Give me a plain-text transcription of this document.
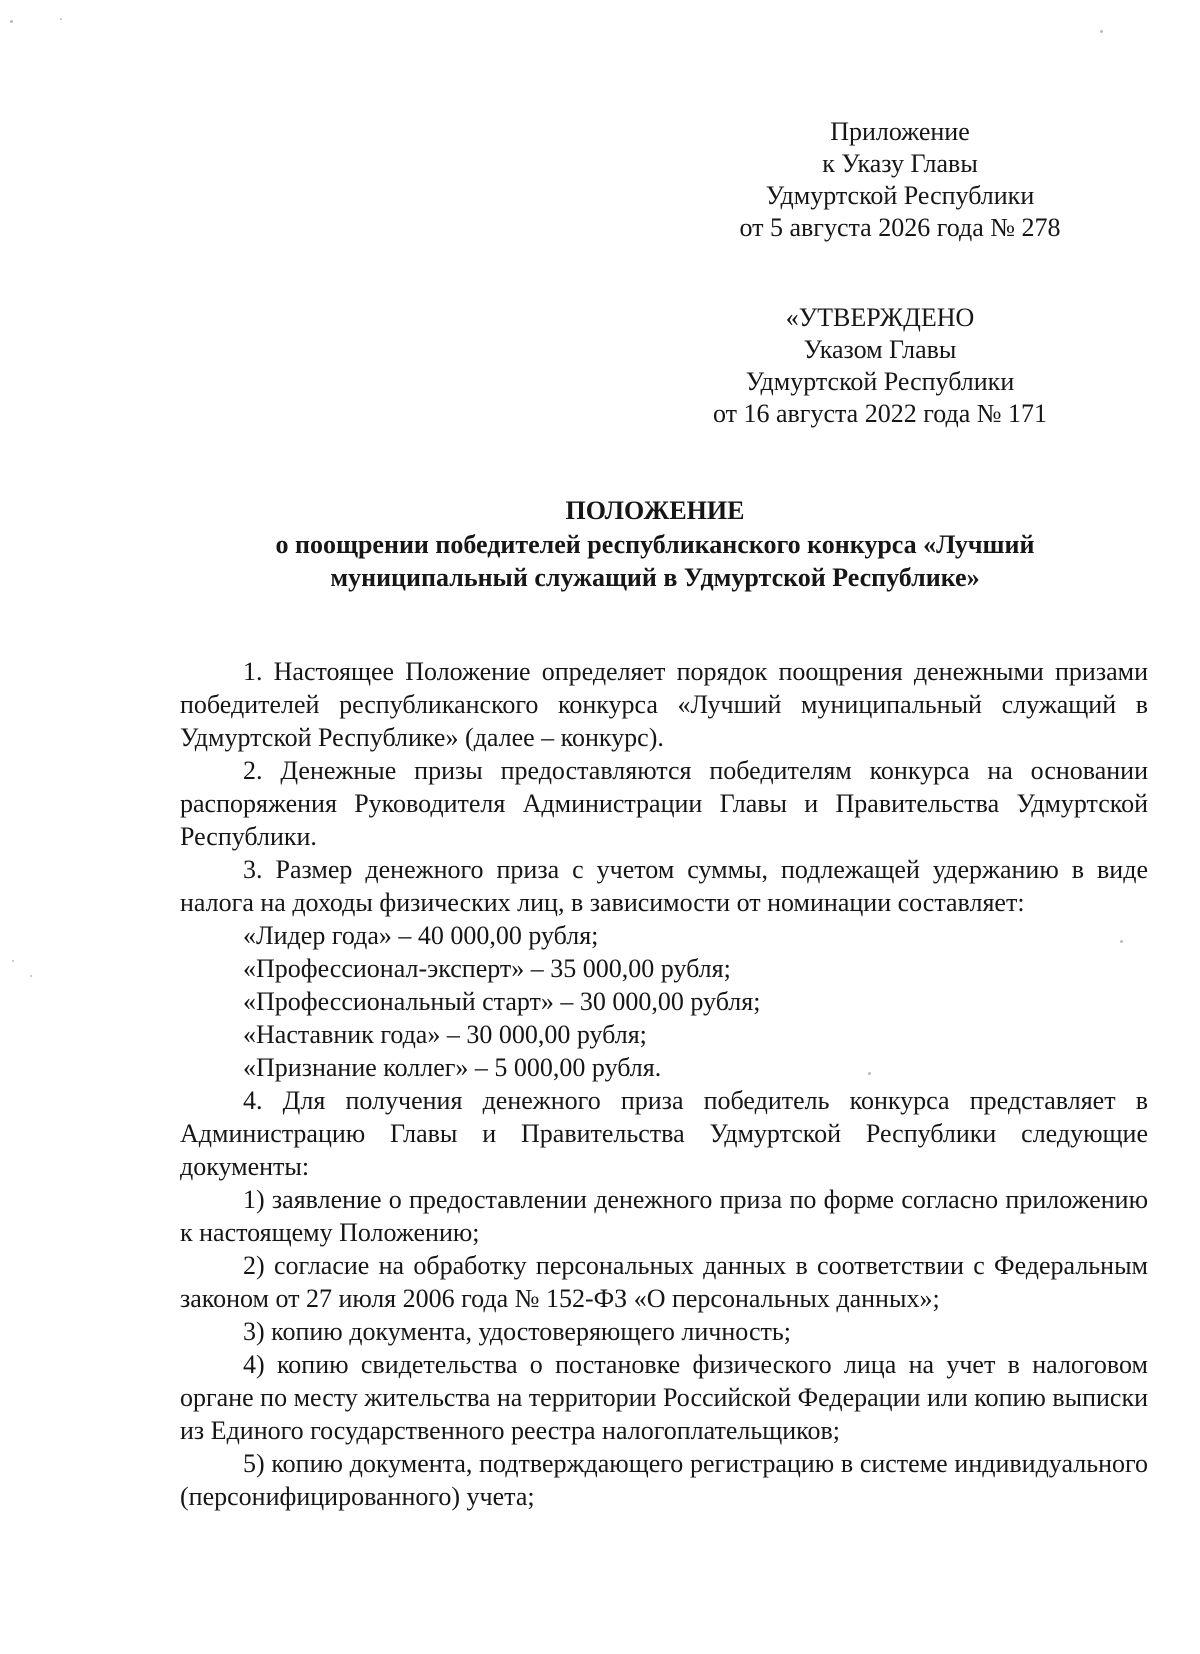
Приложение
к Указу Главы
Удмуртской Республики
от 5 августа 2026 года № 278
«УТВЕРЖДЕНО
Указом Главы
Удмуртской Республики
от 16 августа 2022 года № 171
ПОЛОЖЕНИЕ
о поощрении победителей республиканского конкурса «Лучший
муниципальный служащий в Удмуртской Республике»

1. Настоящее Положение определяет порядок поощрения денежными призами победителей республиканского конкурса «Лучший муниципальный служащий в Удмуртской Республике» (далее – конкурс).

2. Денежные призы предоставляются победителям конкурса на основании распоряжения Руководителя Администрации Главы и Правительства Удмуртской Республики.

3. Размер денежного приза с учетом суммы, подлежащей удержанию в виде налога на доходы физических лиц, в зависимости от номинации составляет:

«Лидер года» – 40 000,00 рубля;

«Профессионал-эксперт» – 35 000,00 рубля;

«Профессиональный старт» – 30 000,00 рубля;

«Наставник года» – 30 000,00 рубля;

«Признание коллег» – 5 000,00 рубля.

4. Для получения денежного приза победитель конкурса представляет в Администрацию Главы и Правительства Удмуртской Республики следующие документы:

1) заявление о предоставлении денежного приза по форме согласно приложению к настоящему Положению;

2) согласие на обработку персональных данных в соответствии с Федеральным законом от 27 июля 2006 года № 152-ФЗ «О персональных данных»;

3) копию документа, удостоверяющего личность;

4) копию свидетельства о постановке физического лица на учет в налоговом органе по месту жительства на территории Российской Федерации или копию выписки из Единого государственного реестра налогоплательщиков;

5) копию документа, подтверждающего регистрацию в системе индивидуального (персонифицированного) учета;
